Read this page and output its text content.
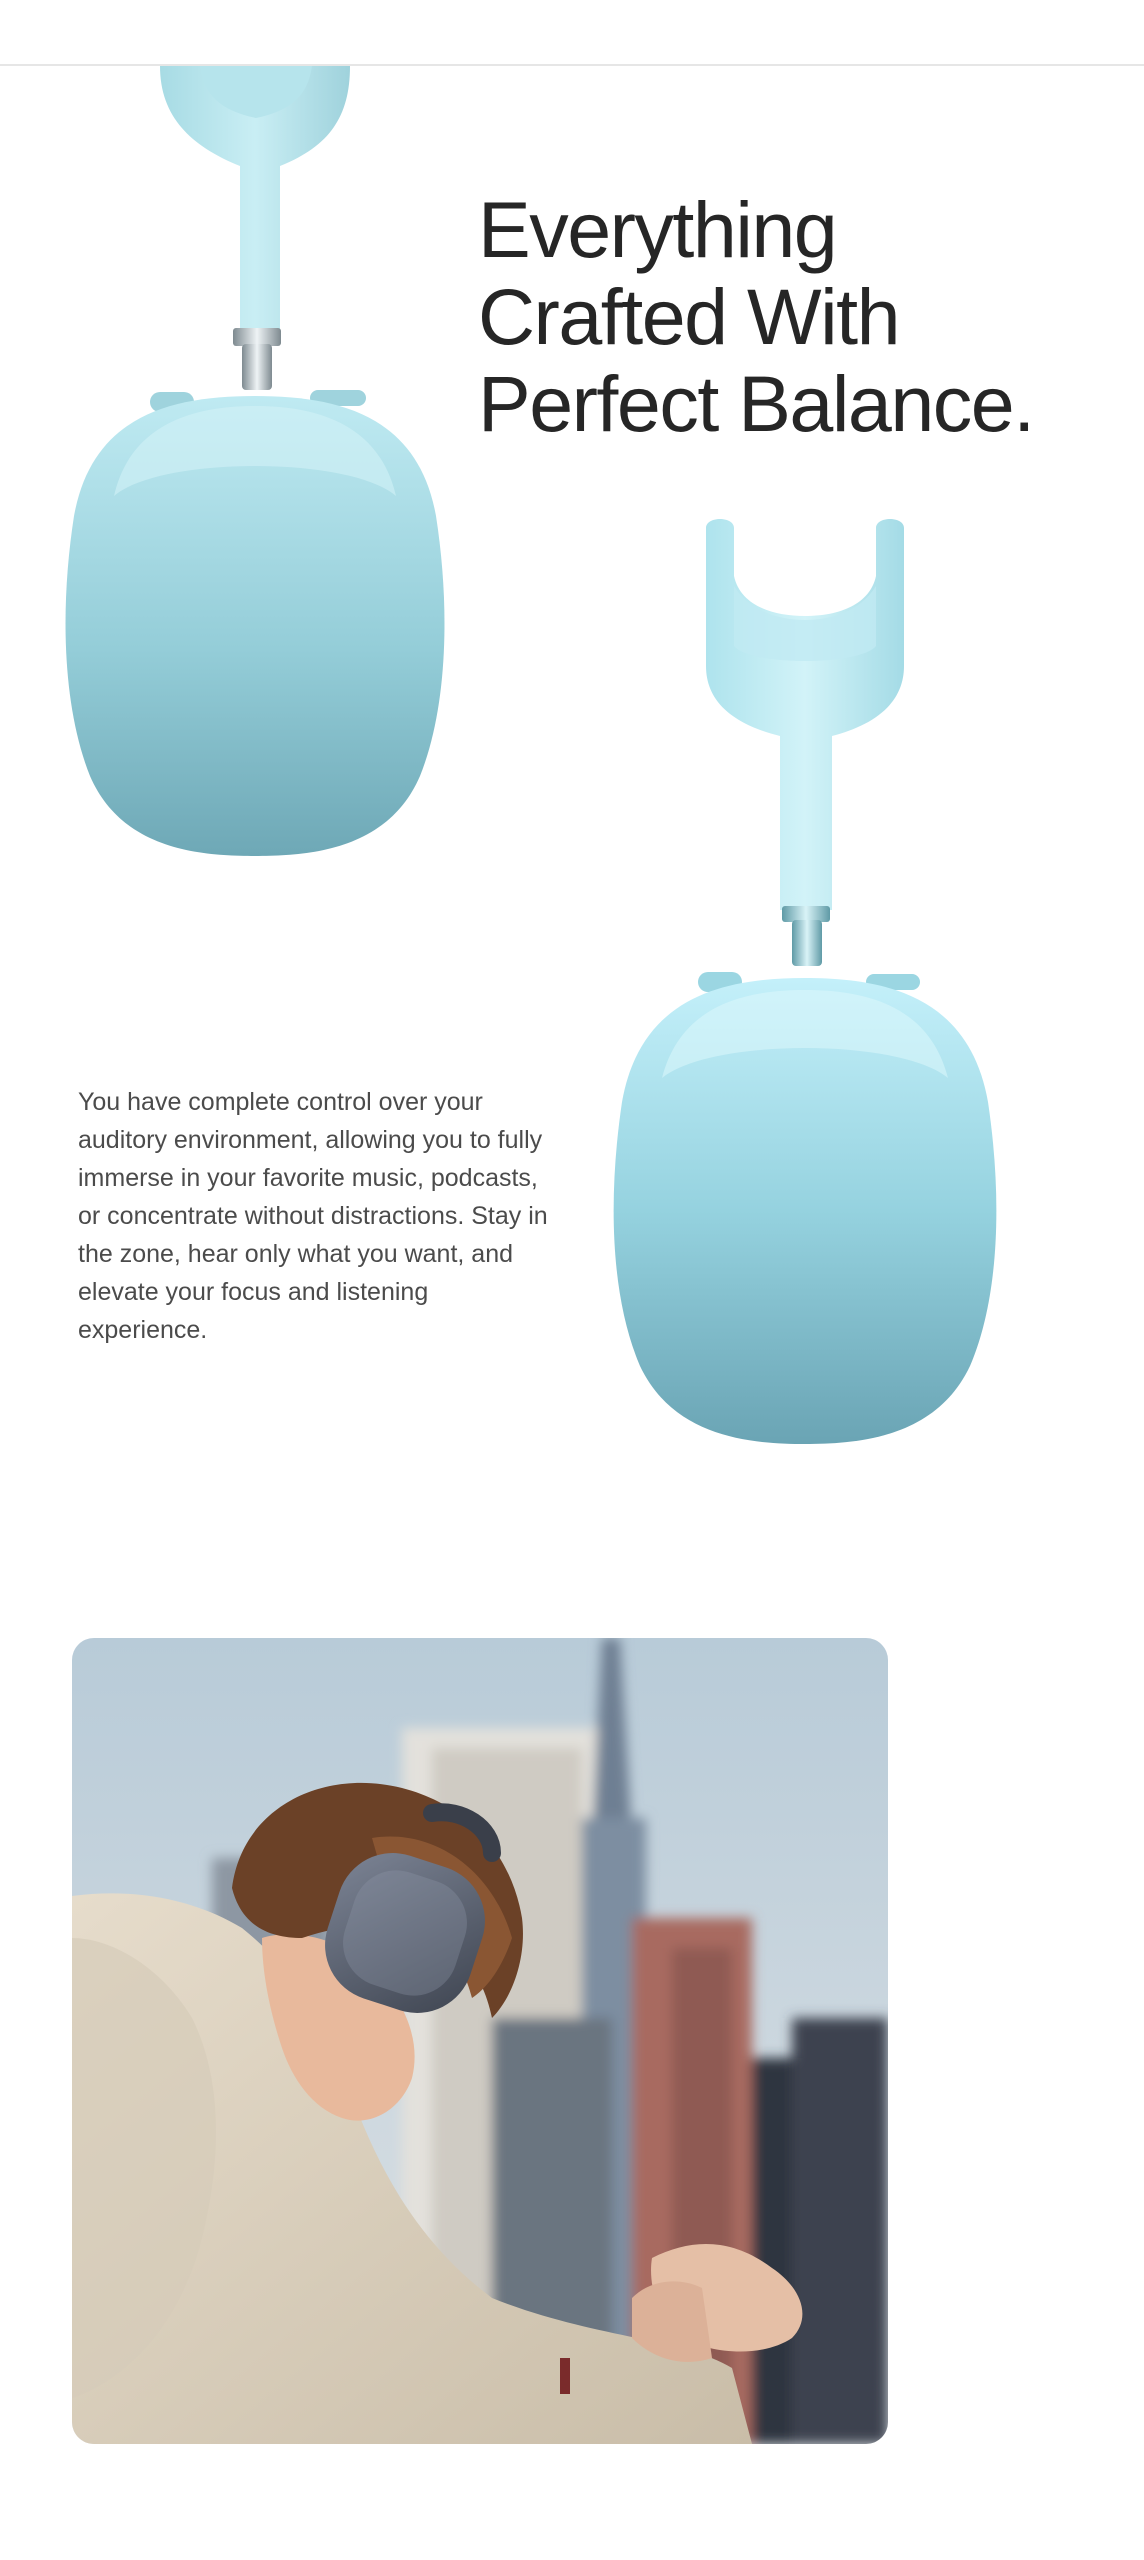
Everything
Crafted With
Perfect Balance.

You have complete control over your auditory environment, allowing you to fully immerse in your favorite music, podcasts, or concentrate without distractions. Stay in the zone, hear only what you want, and elevate your focus and listening experience.
